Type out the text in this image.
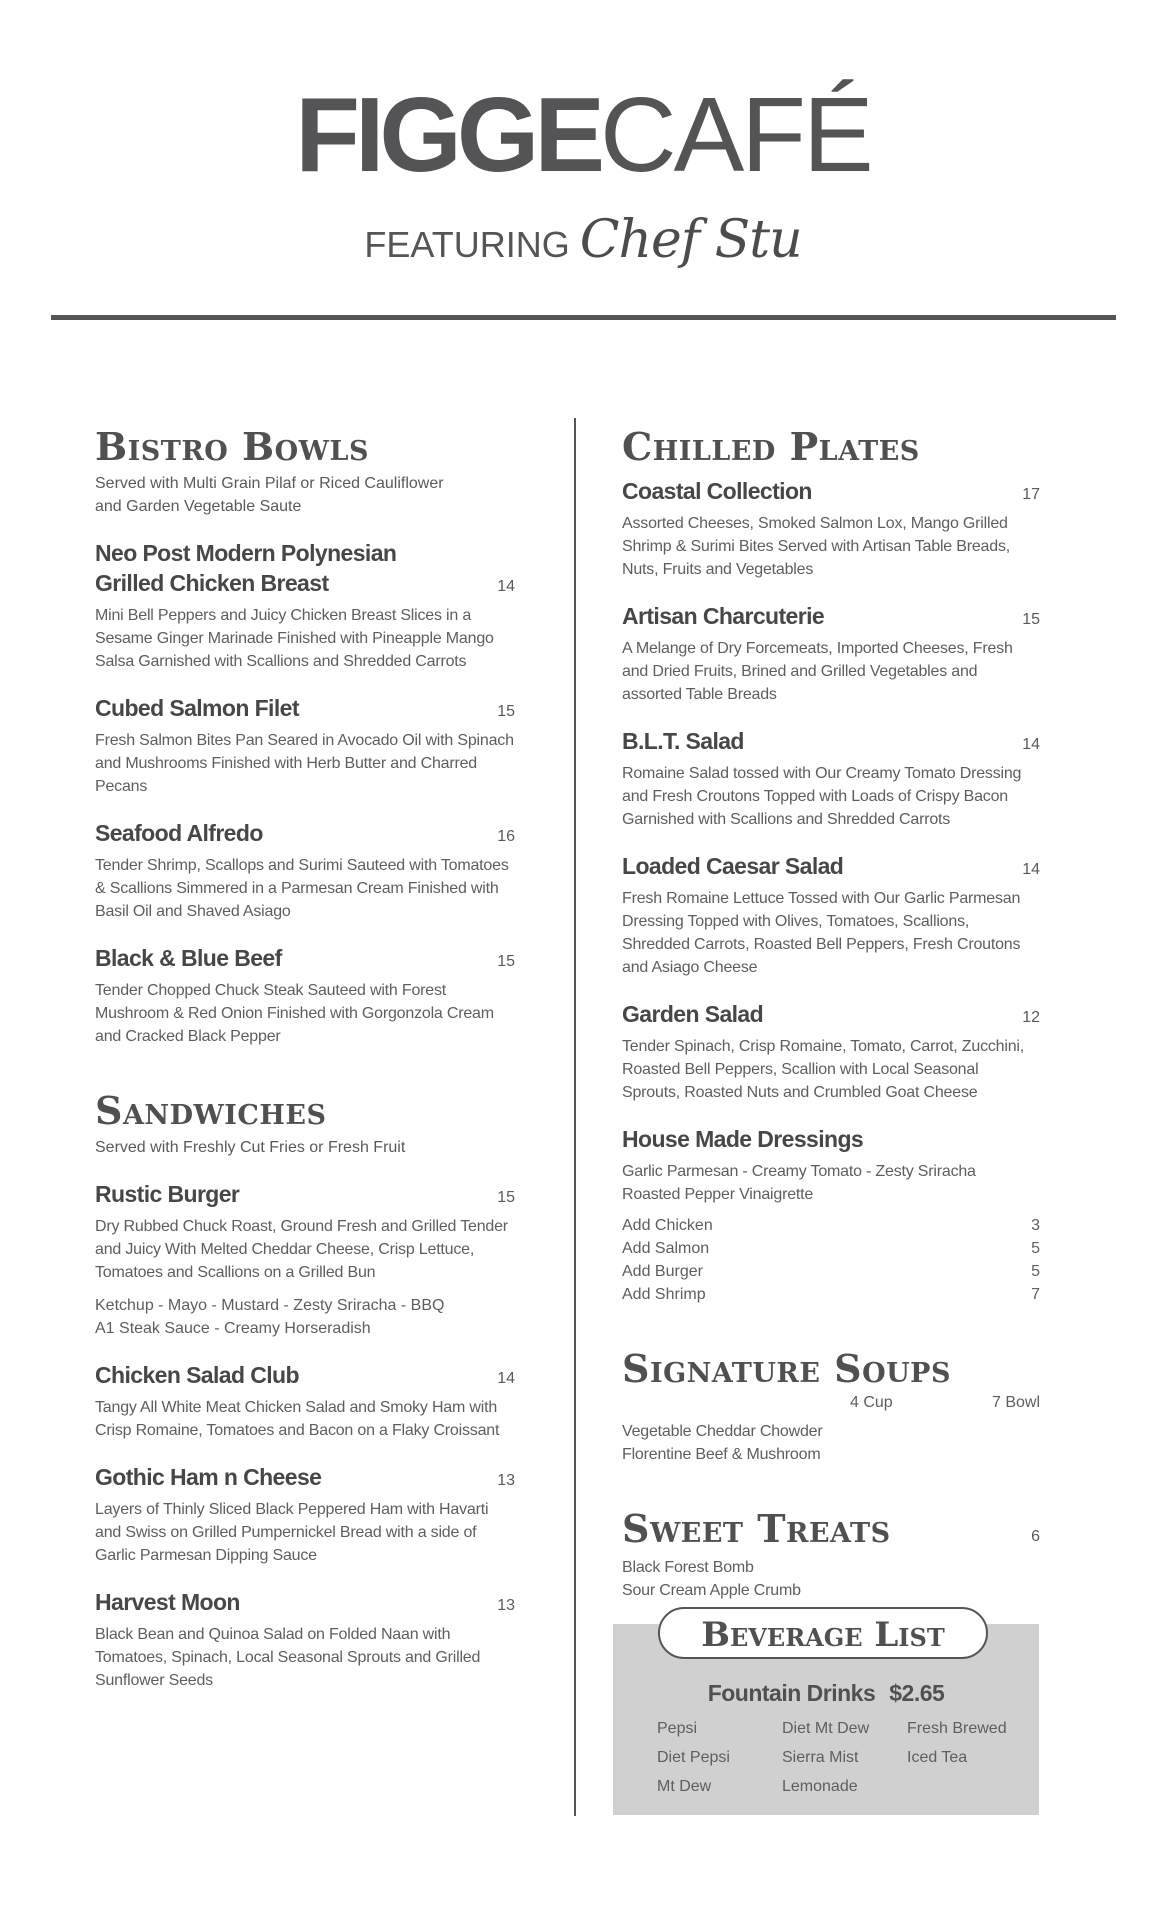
FIGGECAFÉ
FEATURING Chef Stu
Bistro Bowls
Served with Multi Grain Pilaf or Riced Cauliflower
and Garden Vegetable Saute
Neo Post Modern Polynesian
Grilled Chicken Breast	14
Mini Bell Peppers and Juicy Chicken Breast Slices in a Sesame Ginger Marinade Finished with Pineapple Mango Salsa Garnished with Scallions and Shredded Carrots
Cubed Salmon Filet	15
Fresh Salmon Bites Pan Seared in Avocado Oil with Spinach and Mushrooms Finished with Herb Butter and Charred Pecans
Seafood Alfredo	16
Tender Shrimp, Scallops and Surimi Sauteed with Tomatoes & Scallions Simmered in a Parmesan Cream Finished with Basil Oil and Shaved Asiago
Black & Blue Beef	15
Tender Chopped Chuck Steak Sauteed with Forest Mushroom & Red Onion Finished with Gorgonzola Cream and Cracked Black Pepper
Sandwiches
Served with Freshly Cut Fries or Fresh Fruit
Rustic Burger	15
Dry Rubbed Chuck Roast, Ground Fresh and Grilled Tender and Juicy With Melted Cheddar Cheese, Crisp Lettuce, Tomatoes and Scallions on a Grilled Bun
Ketchup - Mayo - Mustard - Zesty Sriracha - BBQ
A1 Steak Sauce - Creamy Horseradish
Chicken Salad Club	14
Tangy All White Meat Chicken Salad and Smoky Ham with Crisp Romaine, Tomatoes and Bacon on a Flaky Croissant
Gothic Ham n Cheese	13
Layers of Thinly Sliced Black Peppered Ham with Havarti and Swiss on Grilled Pumpernickel Bread with a side of Garlic Parmesan Dipping Sauce
Harvest Moon	13
Black Bean and Quinoa Salad on Folded Naan with Tomatoes, Spinach, Local Seasonal Sprouts and Grilled Sunflower Seeds
Chilled Plates
Coastal Collection	17
Assorted Cheeses, Smoked Salmon Lox, Mango Grilled Shrimp & Surimi Bites Served with Artisan Table Breads, Nuts, Fruits and Vegetables
Artisan Charcuterie	15
A Melange of Dry Forcemeats, Imported Cheeses, Fresh and Dried Fruits, Brined and Grilled Vegetables and assorted Table Breads
B.L.T. Salad	14
Romaine Salad tossed with Our Creamy Tomato Dressing and Fresh Croutons Topped with Loads of Crispy Bacon Garnished with Scallions and Shredded Carrots
Loaded Caesar Salad	14
Fresh Romaine Lettuce Tossed with Our Garlic Parmesan Dressing Topped with Olives, Tomatoes, Scallions, Shredded Carrots, Roasted Bell Peppers, Fresh Croutons and Asiago Cheese
Garden Salad	12
Tender Spinach, Crisp Romaine, Tomato, Carrot, Zucchini, Roasted Bell Peppers, Scallion with Local Seasonal Sprouts, Roasted Nuts and Crumbled Goat Cheese
House Made Dressings
Garlic Parmesan - Creamy Tomato - Zesty Sriracha
Roasted Pepper Vinaigrette
Add Chicken	3
Add Salmon	5
Add Burger	5
Add Shrimp	7
Signature Soups
4 Cup	7 Bowl
Vegetable Cheddar Chowder
Florentine Beef & Mushroom
Sweet Treats	6
Black Forest Bomb
Sour Cream Apple Crumb
Beverage List
Fountain Drinks $2.65
Pepsi	Diet Mt Dew	Fresh Brewed
Diet Pepsi	Sierra Mist	Iced Tea
Mt Dew	Lemonade
